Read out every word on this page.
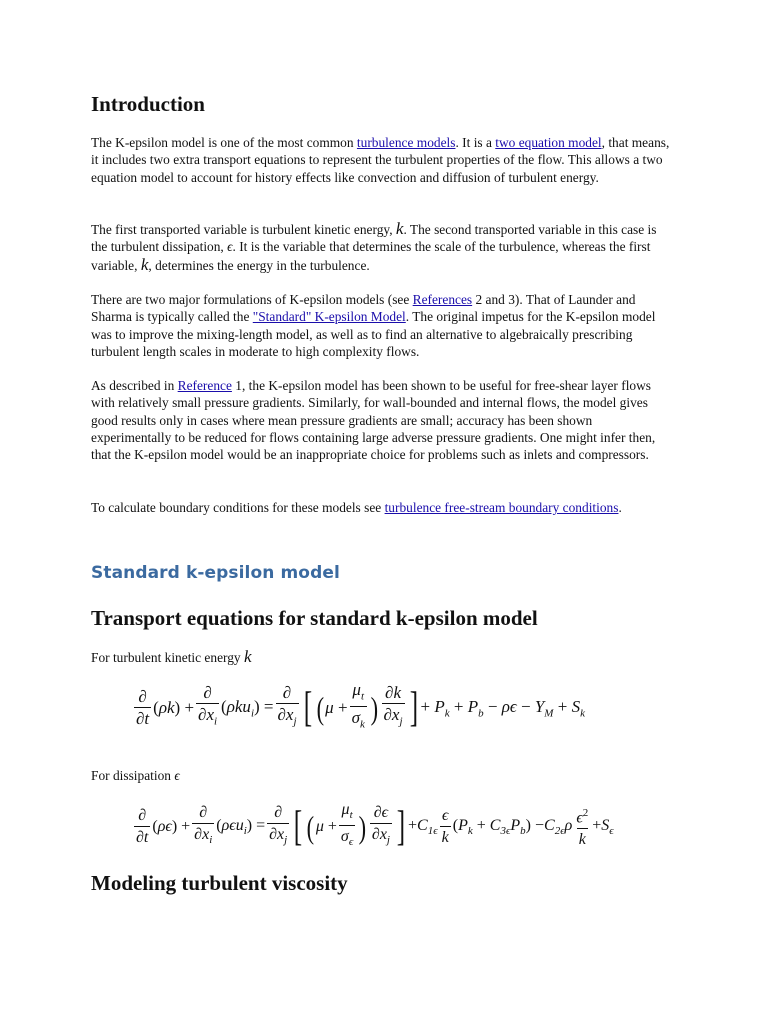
Introduction

The K-epsilon model is one of the most common turbulence models. It is a two equation model, that means, it includes two extra transport equations to represent the turbulent properties of the flow. This allows a two equation model to account for history effects like convection and diffusion of turbulent energy.

The first transported variable is turbulent kinetic energy, k. The second transported variable in this case is the turbulent dissipation, ϵ. It is the variable that determines the scale of the turbulence, whereas the first variable, k, determines the energy in the turbulence.

There are two major formulations of K-epsilon models (see References 2 and 3). That of Launder and Sharma is typically called the "Standard" K-epsilon Model. The original impetus for the K-epsilon model was to improve the mixing-length model, as well as to find an alternative to algebraically prescribing turbulent length scales in moderate to high complexity flows.

As described in Reference 1, the K-epsilon model has been shown to be useful for free-shear layer flows with relatively small pressure gradients. Similarly, for wall-bounded and internal flows, the model gives good results only in cases where mean pressure gradients are small; accuracy has been shown experimentally to be reduced for flows containing large adverse pressure gradients. One might infer then, that the K-epsilon model would be an inappropriate choice for problems such as inlets and compressors.

To calculate boundary conditions for these models see turbulence free-stream boundary conditions.

Standard k-epsilon model
Transport equations for standard k-epsilon model

For turbulent kinetic energy k

$\frac{\partial}{\partial t} (\rho k) + \frac{\partial}{\partial x_i} (\rho ku_i) = \frac{\partial}{\partial x_j}$ [ ( $\mu + \frac{\mu_t}{\sigma_k}$ ) $\frac{\partial k}{\partial x_j}$ ] + $P_k + P_b - \rho\epsilon - Y_M + S_k$

For dissipation ϵ

$\frac{\partial}{\partial t} (\rho\epsilon) + \frac{\partial}{\partial x_i} (\rho\epsilon u_i) = \frac{\partial}{\partial x_j}$ [ ( $\mu + \frac{\mu_t}{\sigma_\epsilon}$ ) $\frac{\partial\epsilon}{\partial x_j}$ ] $+C_{1\epsilon} \frac{\epsilon}{k} (P_k + C_{3\epsilon}P_b) -C_{2\epsilon}\rho \frac{\epsilon^2}{k} +S_\epsilon$
Modeling turbulent viscosity
